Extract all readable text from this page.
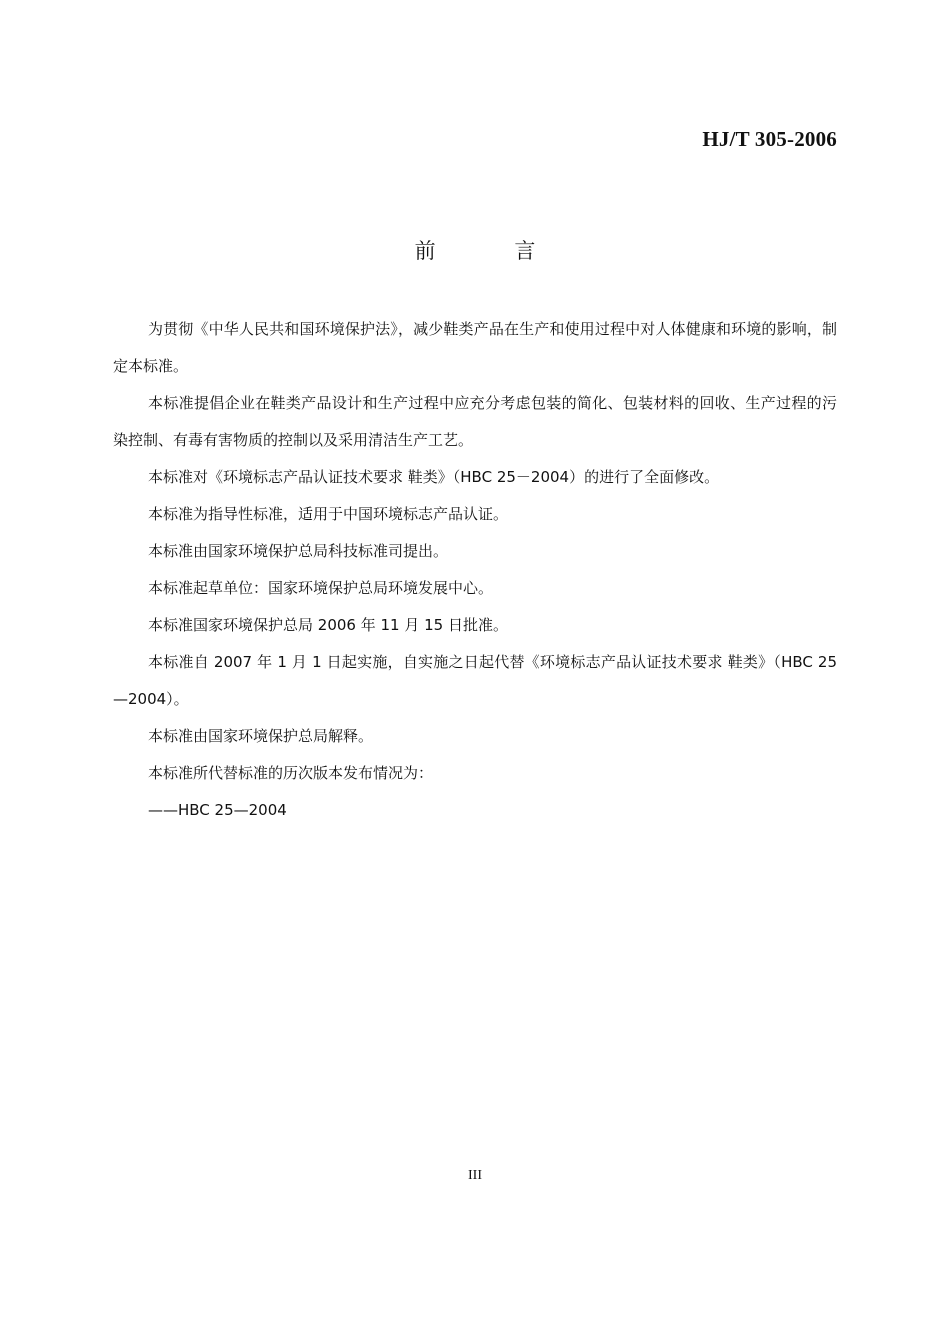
HJ/T 305-2006
前 言

为贯彻《中华人民共和国环境保护法》，减少鞋类产品在生产和使用过程中对人体健康和环境的影响，制定本标准。

本标准提倡企业在鞋类产品设计和生产过程中应充分考虑包装的简化、包装材料的回收、生产过程的污染控制、有毒有害物质的控制以及采用清洁生产工艺。

本标准对《环境标志产品认证技术要求 鞋类》（HBC 25－2004）的进行了全面修改。

本标准为指导性标准，适用于中国环境标志产品认证。

本标准由国家环境保护总局科技标准司提出。

本标准起草单位：国家环境保护总局环境发展中心。

本标准国家环境保护总局 2006 年 11 月 15 日批准。

本标准自 2007 年 1 月 1 日起实施，自实施之日起代替《环境标志产品认证技术要求 鞋类》（HBC 25—2004）。

本标准由国家环境保护总局解释。

本标准所代替标准的历次版本发布情况为：

——HBC 25—2004

III
